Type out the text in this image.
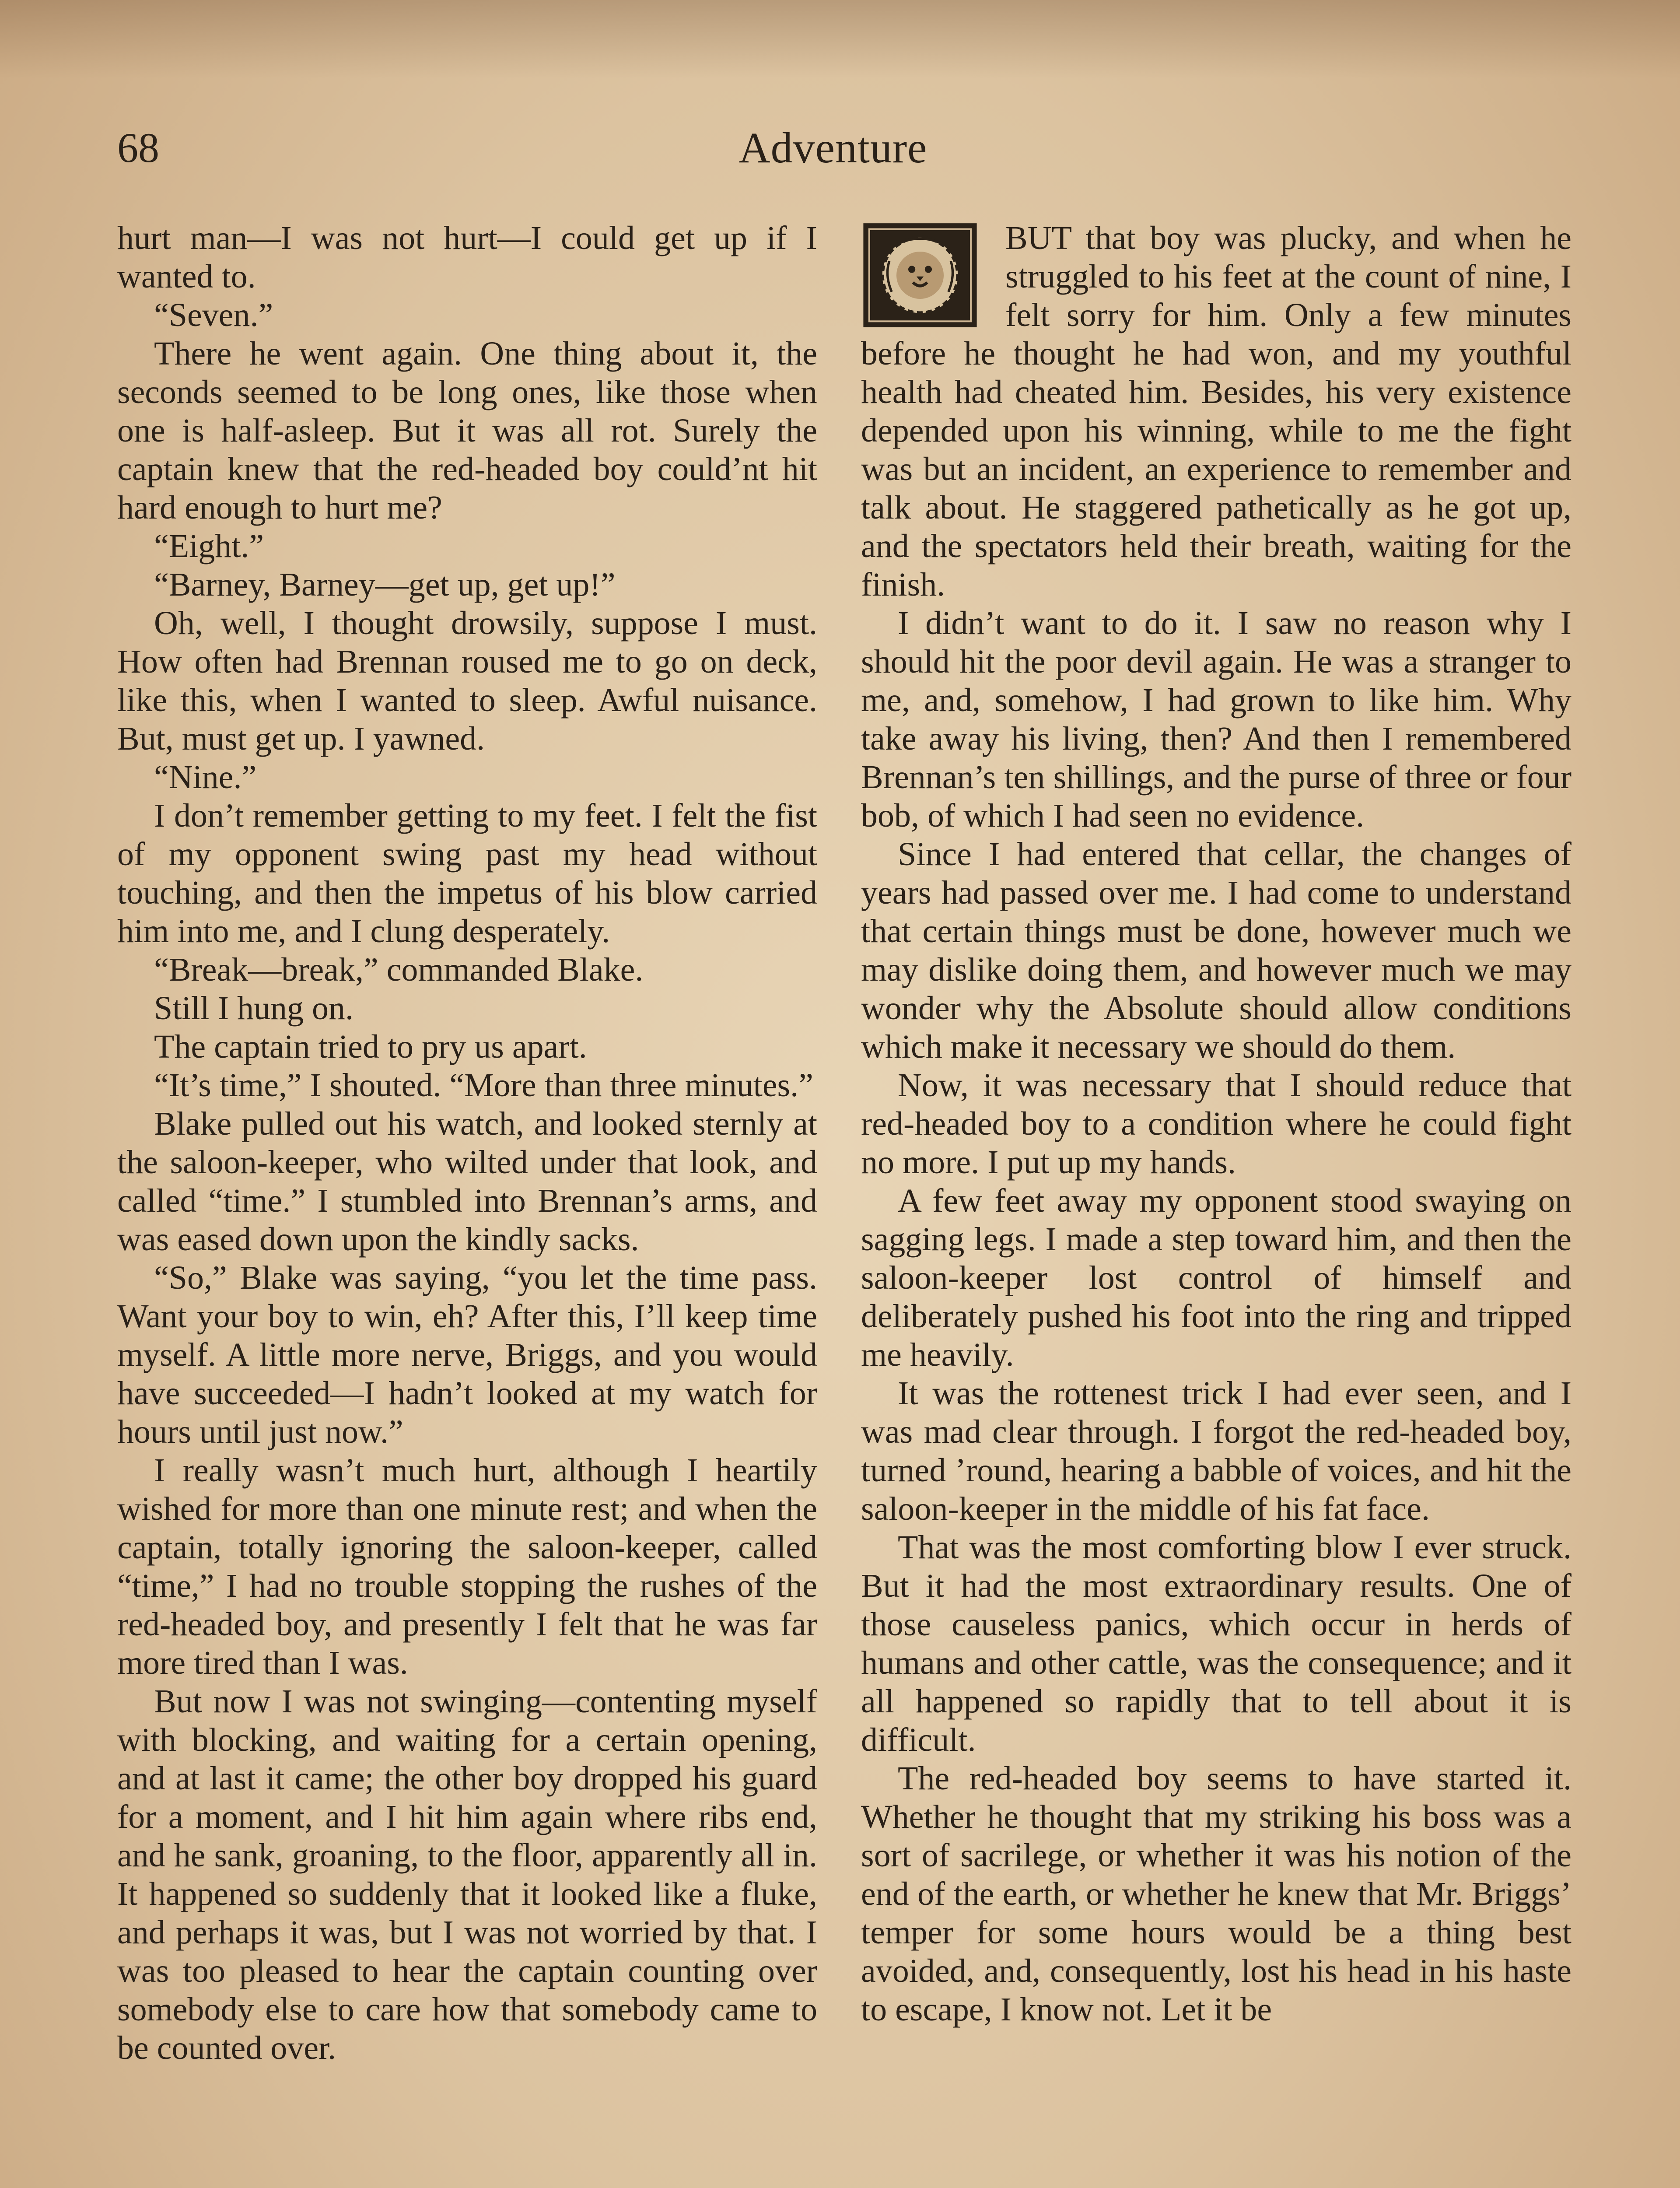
68	Adventure

hurt man—I was not hurt—I could get up if I wanted to.

“Seven.”

There he went again. One thing about it, the seconds seemed to be long ones, like those when one is half-asleep. But it was all rot. Surely the captain knew that the red-headed boy could’nt hit hard enough to hurt me?

“Eight.”

“Barney, Barney—get up, get up!”

Oh, well, I thought drowsily, suppose I must. How often had Brennan roused me to go on deck, like this, when I wanted to sleep. Awful nuisance. But, must get up. I yawned.

“Nine.”

I don’t remember getting to my feet. I felt the fist of my opponent swing past my head without touching, and then the impetus of his blow carried him into me, and I clung desperately.

“Break—break,” commanded Blake.

Still I hung on.

The captain tried to pry us apart.

“It’s time,” I shouted. “More than three minutes.”

Blake pulled out his watch, and looked sternly at the saloon-keeper, who wilted under that look, and called “time.” I stumbled into Brennan’s arms, and was eased down upon the kindly sacks.

“So,” Blake was saying, “you let the time pass. Want your boy to win, eh? After this, I’ll keep time myself. A little more nerve, Briggs, and you would have succeeded—I hadn’t looked at my watch for hours until just now.”

I really wasn’t much hurt, although I heartily wished for more than one minute rest; and when the captain, totally ignoring the saloon-keeper, called “time,” I had no trouble stopping the rushes of the red-headed boy, and presently I felt that he was far more tired than I was.

But now I was not swinging—contenting myself with blocking, and waiting for a certain opening, and at last it came; the other boy dropped his guard for a moment, and I hit him again where ribs end, and he sank, groaning, to the floor, apparently all in. It happened so suddenly that it looked like a fluke, and perhaps it was, but I was not worried by that. I was too pleased to hear the captain counting over somebody else to care how that somebody came to be counted over.

BUT that boy was plucky, and when he struggled to his feet at the count of nine, I felt sorry for him. Only a few minutes before he thought he had won, and my youthful health had cheated him. Besides, his very existence depended upon his winning, while to me the fight was but an incident, an experience to remember and talk about. He staggered pathetically as he got up, and the spectators held their breath, waiting for the finish.

I didn’t want to do it. I saw no reason why I should hit the poor devil again. He was a stranger to me, and, somehow, I had grown to like him. Why take away his living, then? And then I remembered Brennan’s ten shillings, and the purse of three or four bob, of which I had seen no evidence.

Since I had entered that cellar, the changes of years had passed over me. I had come to understand that certain things must be done, however much we may dislike doing them, and however much we may wonder why the Absolute should allow conditions which make it necessary we should do them.

Now, it was necessary that I should reduce that red-headed boy to a condition where he could fight no more. I put up my hands.

A few feet away my opponent stood swaying on sagging legs. I made a step toward him, and then the saloon-keeper lost control of himself and deliberately pushed his foot into the ring and tripped me heavily.

It was the rottenest trick I had ever seen, and I was mad clear through. I forgot the red-headed boy, turned ’round, hearing a babble of voices, and hit the saloon-keeper in the middle of his fat face.

That was the most comforting blow I ever struck. But it had the most extraordinary results. One of those causeless panics, which occur in herds of humans and other cattle, was the consequence; and it all happened so rapidly that to tell about it is difficult.

The red-headed boy seems to have started it. Whether he thought that my striking his boss was a sort of sacrilege, or whether it was his notion of the end of the earth, or whether he knew that Mr. Briggs’ temper for some hours would be a thing best avoided, and, consequently, lost his head in his haste to escape, I know not. Let it be
